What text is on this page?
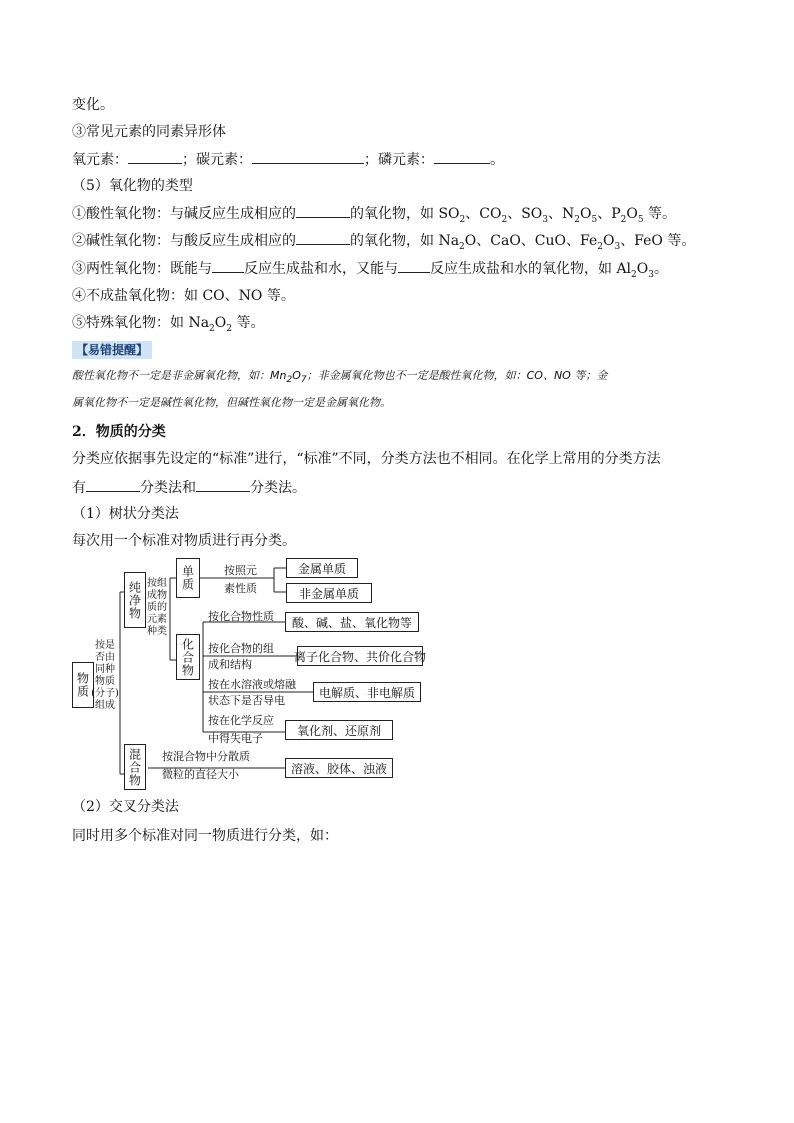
变化。
③常见元素的同素异形体
氧元素：	；碳元素：	；磷元素：	。
（5）氧化物的类型
①酸性氧化物：与碱反应生成相应的	的氧化物，如 $SO_2$、$CO_2$、$SO_3$、$N_2O_5$、$P_2O_5$ 等。
②碱性氧化物：与酸反应生成相应的	的氧化物，如 $Na_2O$、CaO、CuO、$Fe_2O_3$、FeO 等。
③两性氧化物：既能与 反应生成盐和水，又能与 反应生成盐和水的氧化物，如 $Al_2O_3$。
④不成盐氧化物：如 CO、NO 等。
⑤特殊氧化物：如 $Na_2O_2$ 等。
【易错提醒】
酸性氧化物不一定是非金属氧化物，如：$Mn_2O_7$；非金属氧化物也不一定是酸性氧化物，如：CO、NO 等；金
属氧化物不一定是碱性氧化物，但碱性氧化物一定是金属氧化物。
2．物质的分类
分类应依据事先设定的“标准”进行，“标准”不同，分类方法也不相同。在化学上常用的分类方法
有	分类法和	分类法。
（1）树状分类法
每次用一个标准对物质进行再分类。
物质
按是
否由
同种
物质
(分子)
组成
纯净物 按组
成物
质的
元素
种类
单质	按照元
素性质
金属单质
非金属单质
化合物
按化合物性质 酸、碱、盐、氧化物等
按化合物的组
成和结构
离子化合物、共价化合物
按在水溶液或熔融
状态下是否导电
电解质、非电解质
按在化学反应
中得失电子
氧化剂、还原剂
混合物 按混合物中分散质
微粒的直径大小	溶液、胶体、浊液
（2）交叉分类法
同时用多个标准对同一物质进行分类，如：
